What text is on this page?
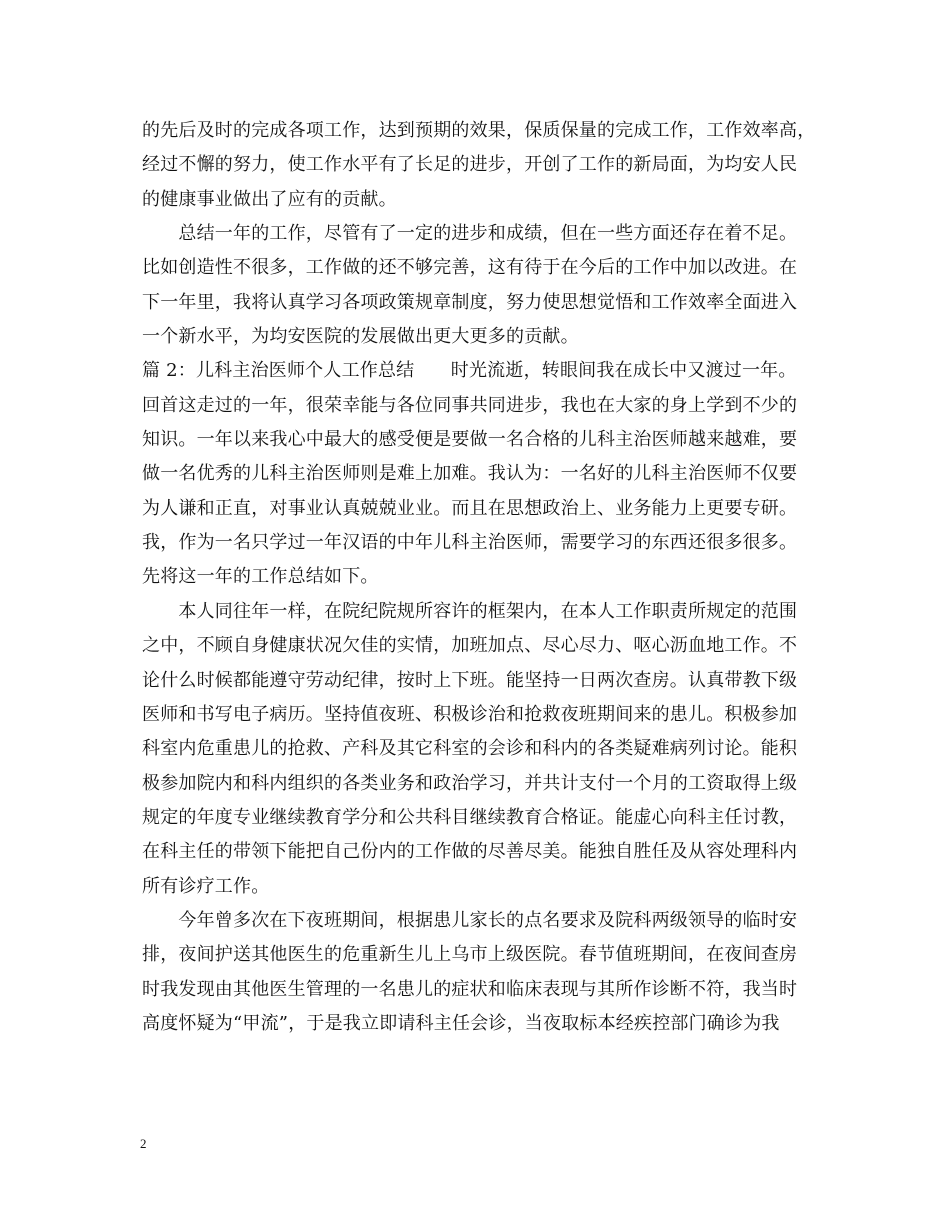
的先后及时的完成各项工作，达到预期的效果，保质保量的完成工作，工作效率高，
经过不懈的努力，使工作水平有了长足的进步，开创了工作的新局面，为均安人民
的健康事业做出了应有的贡献。
　　总结一年的工作，尽管有了一定的进步和成绩，但在一些方面还存在着不足。
比如创造性不很多，工作做的还不够完善，这有待于在今后的工作中加以改进。在
下一年里，我将认真学习各项政策规章制度，努力使思想觉悟和工作效率全面进入
一个新水平，为均安医院的发展做出更大更多的贡献。
篇 2：儿科主治医师个人工作总结　　时光流逝，转眼间我在成长中又渡过一年。
回首这走过的一年，很荣幸能与各位同事共同进步，我也在大家的身上学到不少的
知识。一年以来我心中最大的感受便是要做一名合格的儿科主治医师越来越难，要
做一名优秀的儿科主治医师则是难上加难。我认为：一名好的儿科主治医师不仅要
为人谦和正直，对事业认真兢兢业业。而且在思想政治上、业务能力上更要专研。
我，作为一名只学过一年汉语的中年儿科主治医师，需要学习的东西还很多很多。
先将这一年的工作总结如下。
　　本人同往年一样，在院纪院规所容许的框架内，在本人工作职责所规定的范围
之中，不顾自身健康状况欠佳的实情，加班加点、尽心尽力、呕心沥血地工作。不
论什么时候都能遵守劳动纪律，按时上下班。能坚持一日两次查房。认真带教下级
医师和书写电子病历。坚持值夜班、积极诊治和抢救夜班期间来的患儿。积极参加
科室内危重患儿的抢救、产科及其它科室的会诊和科内的各类疑难病列讨论。能积
极参加院内和科内组织的各类业务和政治学习，并共计支付一个月的工资取得上级
规定的年度专业继续教育学分和公共科目继续教育合格证。能虚心向科主任讨教，
在科主任的带领下能把自己份内的工作做的尽善尽美。能独自胜任及从容处理科内
所有诊疗工作。
　　今年曾多次在下夜班期间，根据患儿家长的点名要求及院科两级领导的临时安
排，夜间护送其他医生的危重新生儿上乌市上级医院。春节值班期间，在夜间查房
时我发现由其他医生管理的一名患儿的症状和临床表现与其所作诊断不符，我当时
高度怀疑为“甲流”，于是我立即请科主任会诊，当夜取标本经疾控部门确诊为我
2
